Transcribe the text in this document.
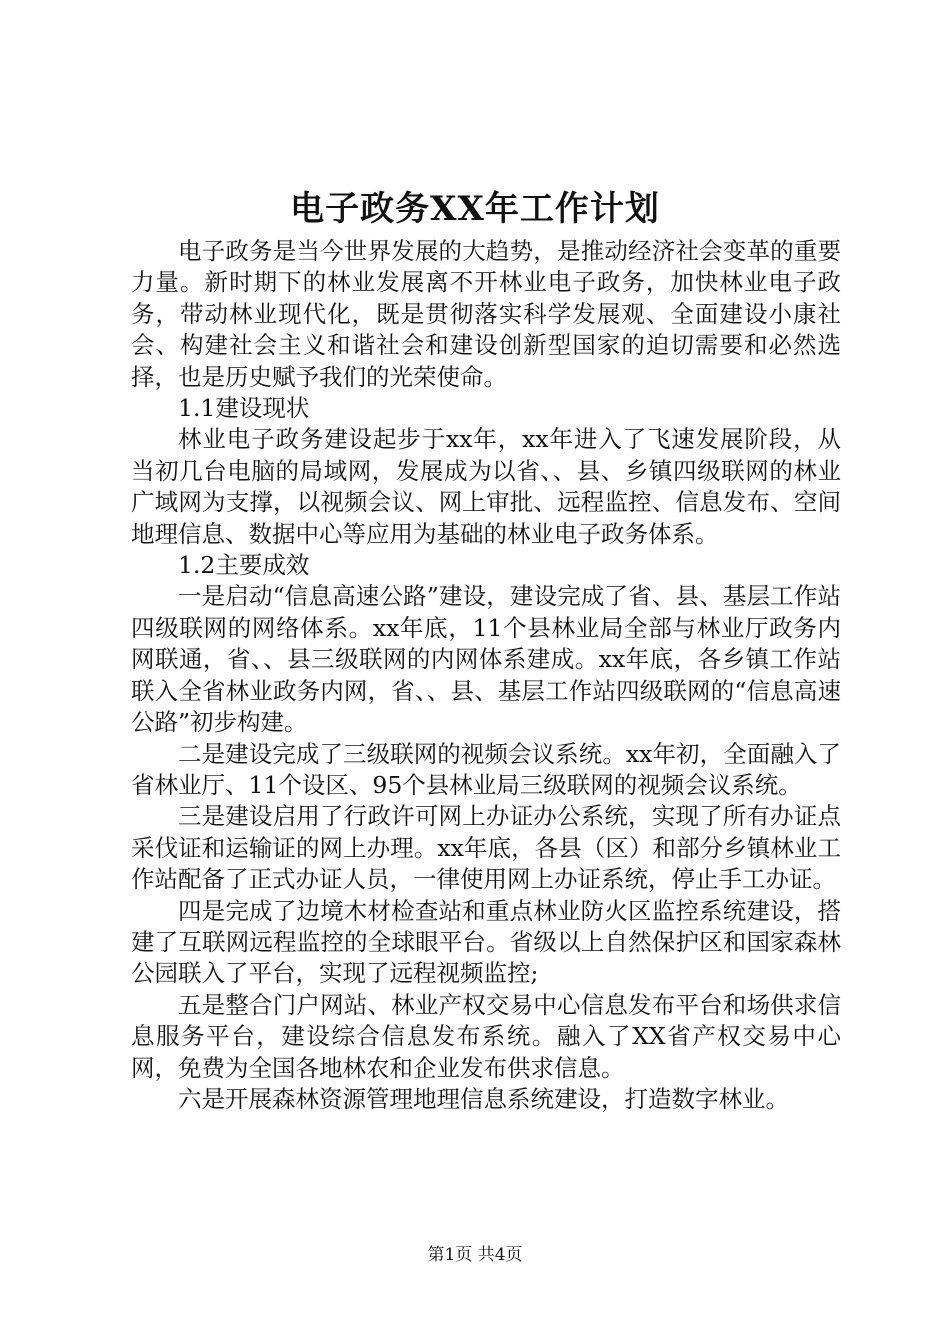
电子政务XX年工作计划

电子政务是当今世界发展的大趋势，是推动经济社会变革的重要力量。新时期下的林业发展离不开林业电子政务，加快林业电子政务，带动林业现代化，既是贯彻落实科学发展观、全面建设小康社会、构建社会主义和谐社会和建设创新型国家的迫切需要和必然选择，也是历史赋予我们的光荣使命。

1.1建设现状

林业电子政务建设起步于xx年，xx年进入了飞速发展阶段，从当初几台电脑的局域网，发展成为以省、、县、乡镇四级联网的林业广域网为支撑，以视频会议、网上审批、远程监控、信息发布、空间地理信息、数据中心等应用为基础的林业电子政务体系。

1.2主要成效

一是启动“信息高速公路”建设，建设完成了省、县、基层工作站四级联网的网络体系。xx年底，11个县林业局全部与林业厅政务内网联通，省、、县三级联网的内网体系建成。xx年底，各乡镇工作站联入全省林业政务内网，省、、县、基层工作站四级联网的“信息高速公路”初步构建。

二是建设完成了三级联网的视频会议系统。xx年初，全面融入了省林业厅、11个设区、95个县林业局三级联网的视频会议系统。

三是建设启用了行政许可网上办证办公系统，实现了所有办证点采伐证和运输证的网上办理。xx年底，各县（区）和部分乡镇林业工作站配备了正式办证人员，一律使用网上办证系统，停止手工办证。

四是完成了边境木材检查站和重点林业防火区监控系统建设，搭建了互联网远程监控的全球眼平台。省级以上自然保护区和国家森林公园联入了平台，实现了远程视频监控;

五是整合门户网站、林业产权交易中心信息发布平台和场供求信息服务平台，建设综合信息发布系统。融入了XX省产权交易中心网，免费为全国各地林农和企业发布供求信息。

六是开展森林资源管理地理信息系统建设，打造数字林业。

第1页 共4页
